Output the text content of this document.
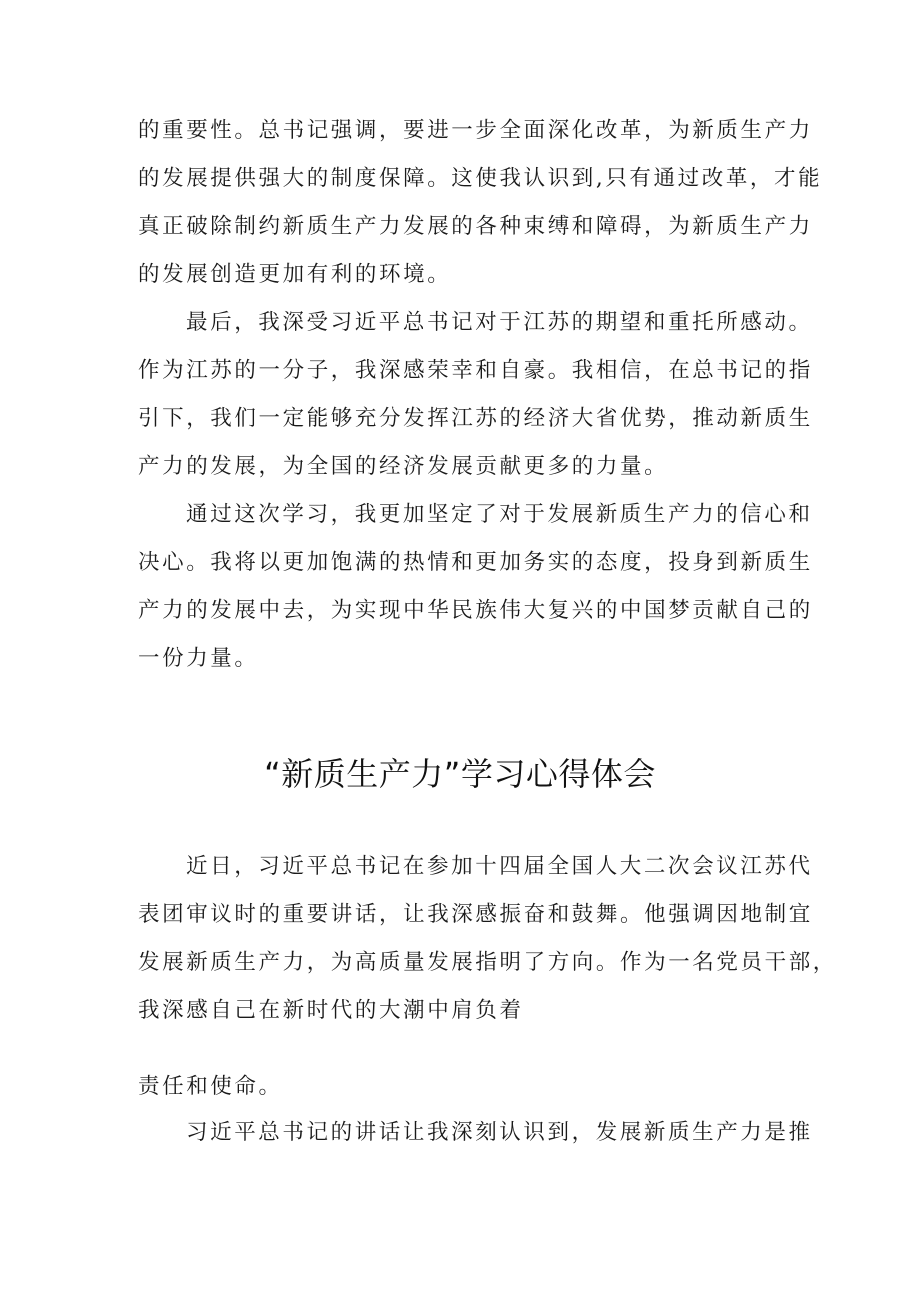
的重要性。总书记强调，要进一步全面深化改革，为新质生产力
的发展提供强大的制度保障。这使我认识到,只有通过改革，才能
真正破除制约新质生产力发展的各种束缚和障碍，为新质生产力
的发展创造更加有利的环境。
最后，我深受习近平总书记对于江苏的期望和重托所感动。
作为江苏的一分子，我深感荣幸和自豪。我相信，在总书记的指
引下，我们一定能够充分发挥江苏的经济大省优势，推动新质生
产力的发展，为全国的经济发展贡献更多的力量。
通过这次学习，我更加坚定了对于发展新质生产力的信心和
决心。我将以更加饱满的热情和更加务实的态度，投身到新质生
产力的发展中去，为实现中华民族伟大复兴的中国梦贡献自己的
一份力量。
“新质生产力”学习心得体会
近日，习近平总书记在参加十四届全国人大二次会议江苏代
表团审议时的重要讲话，让我深感振奋和鼓舞。他强调因地制宜
发展新质生产力，为高质量发展指明了方向。作为一名党员干部，
我深感自己在新时代的大潮中肩负着
责任和使命。
习近平总书记的讲话让我深刻认识到，发展新质生产力是推
